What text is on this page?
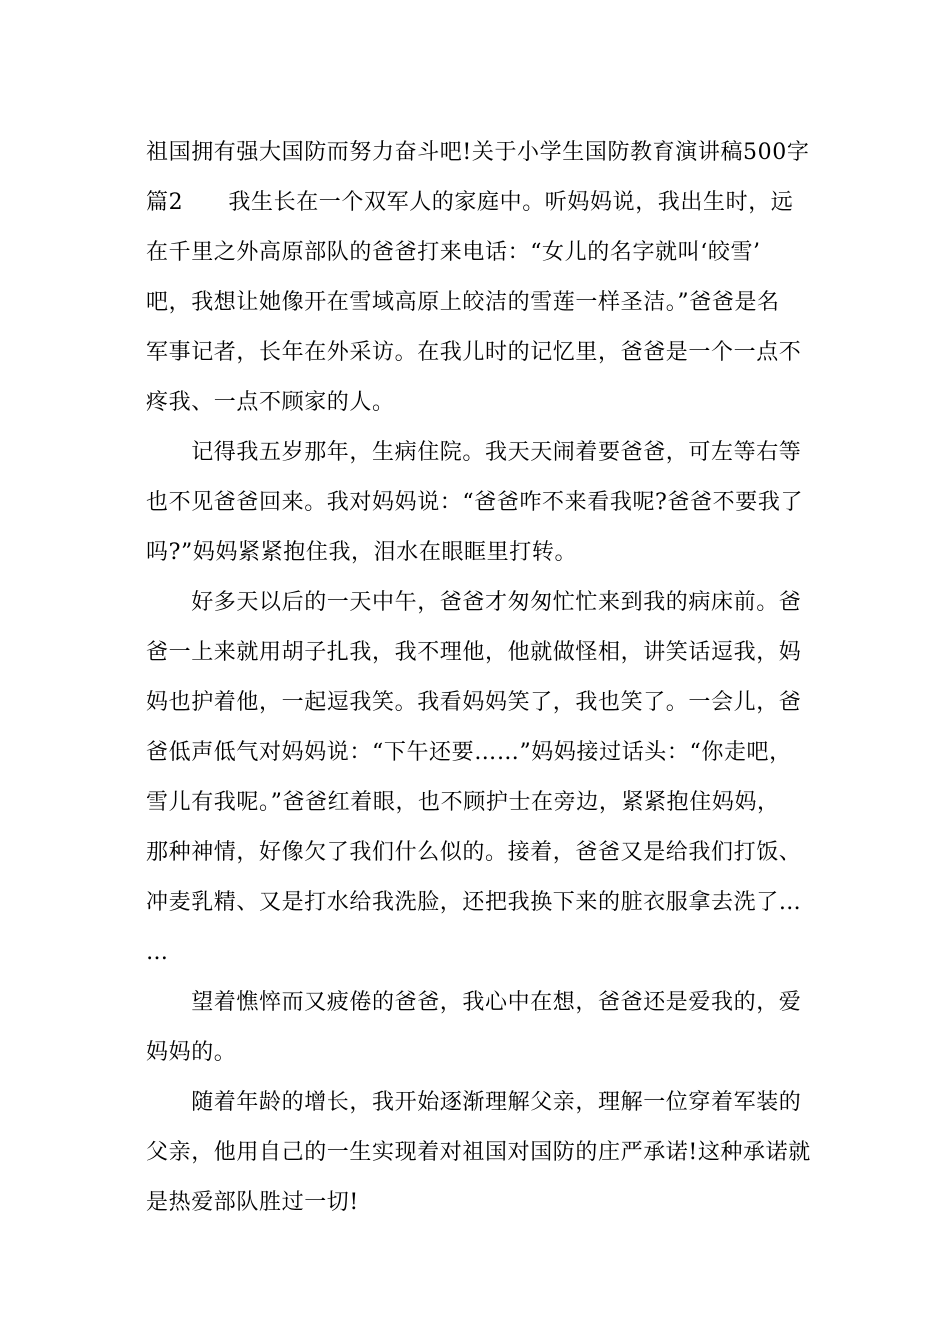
祖国拥有强大国防而努力奋斗吧!关于小学生国防教育演讲稿500字
篇2　　我生长在一个双军人的家庭中。听妈妈说，我出生时，远
在千里之外高原部队的爸爸打来电话：“女儿的名字就叫‘皎雪’
吧，我想让她像开在雪域高原上皎洁的雪莲一样圣洁。”爸爸是名
军事记者，长年在外采访。在我儿时的记忆里，爸爸是一个一点不
疼我、一点不顾家的人。
　　记得我五岁那年，生病住院。我天天闹着要爸爸，可左等右等
也不见爸爸回来。我对妈妈说：“爸爸咋不来看我呢?爸爸不要我了
吗?”妈妈紧紧抱住我，泪水在眼眶里打转。
　　好多天以后的一天中午，爸爸才匆匆忙忙来到我的病床前。爸
爸一上来就用胡子扎我，我不理他，他就做怪相，讲笑话逗我，妈
妈也护着他，一起逗我笑。我看妈妈笑了，我也笑了。一会儿，爸
爸低声低气对妈妈说：“下午还要……”妈妈接过话头：“你走吧，
雪儿有我呢。”爸爸红着眼，也不顾护士在旁边，紧紧抱住妈妈，
那种神情，好像欠了我们什么似的。接着，爸爸又是给我们打饭、
冲麦乳精、又是打水给我洗脸，还把我换下来的脏衣服拿去洗了…
…
　　望着憔悴而又疲倦的爸爸，我心中在想，爸爸还是爱我的，爱
妈妈的。
　　随着年龄的增长，我开始逐渐理解父亲，理解一位穿着军装的
父亲，他用自己的一生实现着对祖国对国防的庄严承诺!这种承诺就
是热爱部队胜过一切!
